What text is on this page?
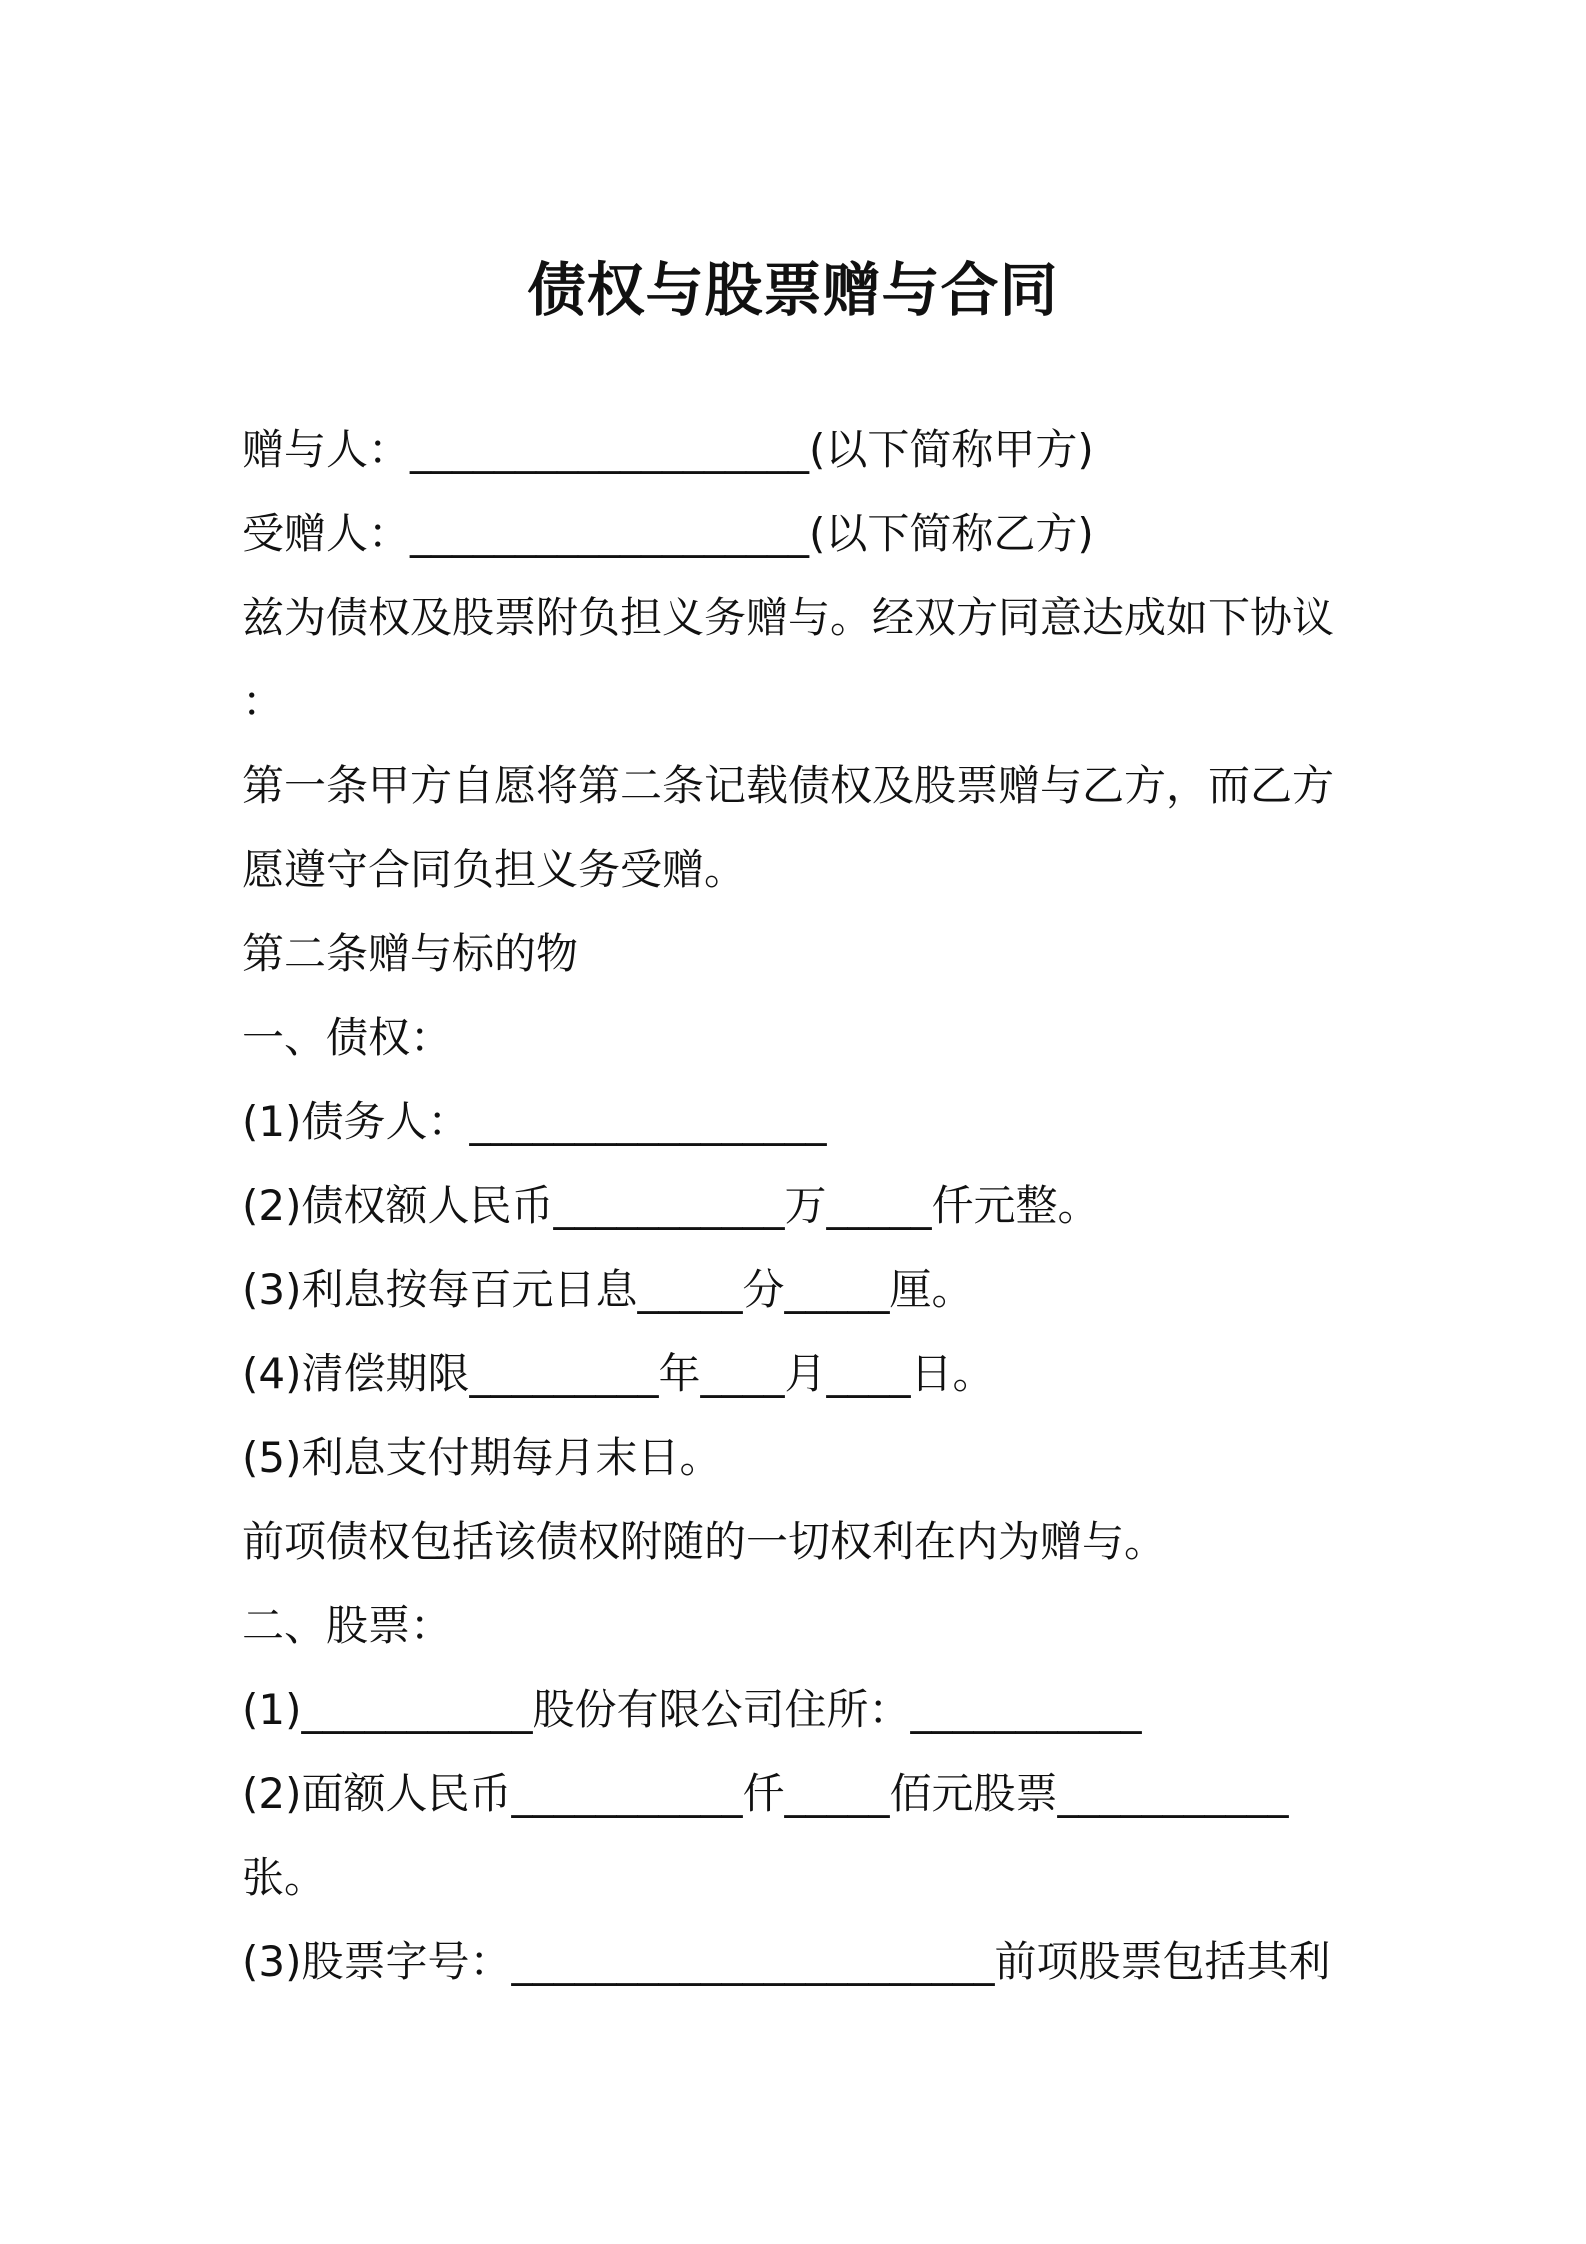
债权与股票赠与合同

赠与人：___________________(以下简称甲方)

受赠人：___________________(以下简称乙方)

兹为债权及股票附负担义务赠与。经双方同意达成如下协议

：

第一条甲方自愿将第二条记载债权及股票赠与乙方，而乙方

愿遵守合同负担义务受赠。

第二条赠与标的物

一、债权：

(1)债务人：_________________

(2)债权额人民币___________万_____仟元整。

(3)利息按每百元日息_____分_____厘。

(4)清偿期限_________年____月____日。

(5)利息支付期每月末日。

前项债权包括该债权附随的一切权利在内为赠与。

二、股票：

(1)___________股份有限公司住所：___________

(2)面额人民币___________仟_____佰元股票___________

张。

(3)股票字号：_______________________前项股票包括其利
